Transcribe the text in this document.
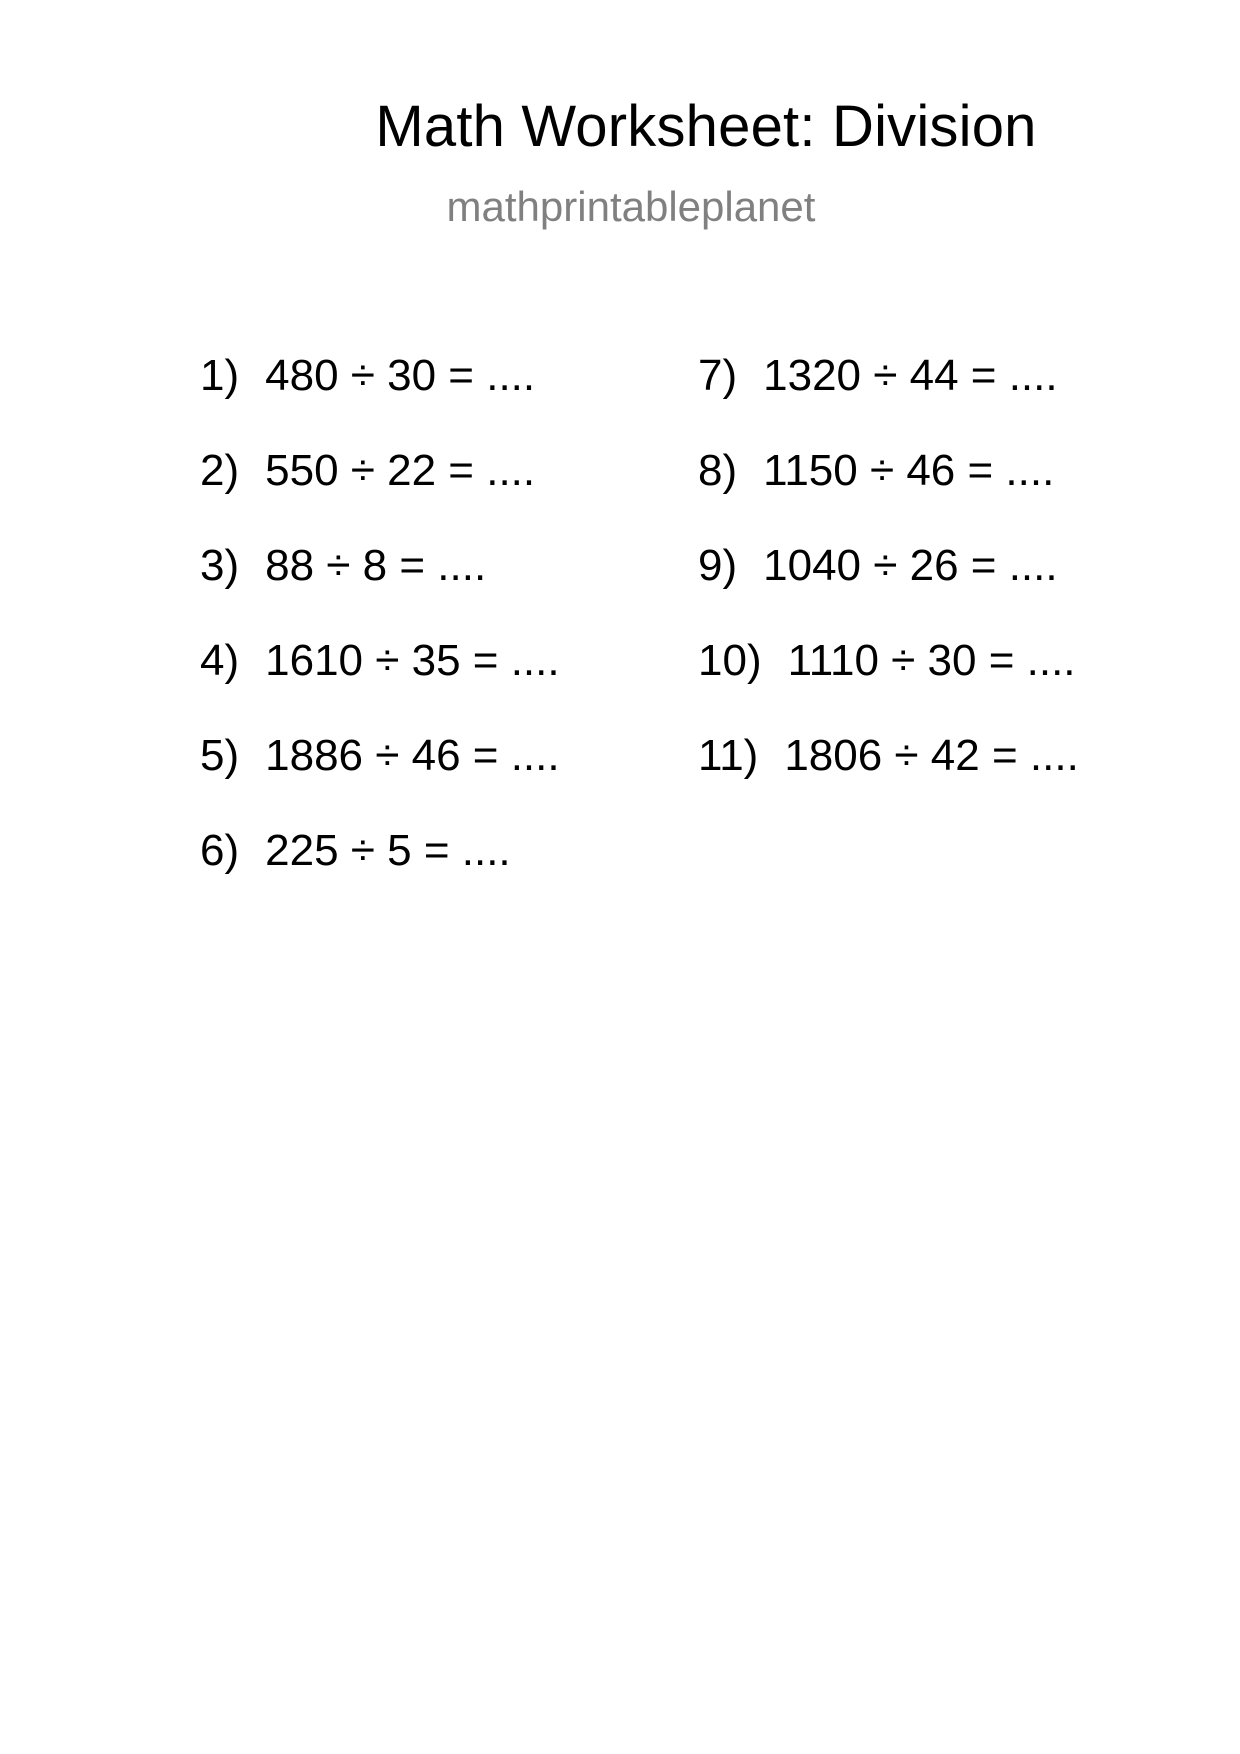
Math Worksheet: Division
mathprintableplanet
1) 480 ÷ 30 = ....
2) 550 ÷ 22 = ....
3) 88 ÷ 8 = ....
4) 1610 ÷ 35 = ....
5) 1886 ÷ 46 = ....
6) 225 ÷ 5 = ....
7) 1320 ÷ 44 = ....
8) 1150 ÷ 46 = ....
9) 1040 ÷ 26 = ....
10) 1110 ÷ 30 = ....
11) 1806 ÷ 42 = ....
